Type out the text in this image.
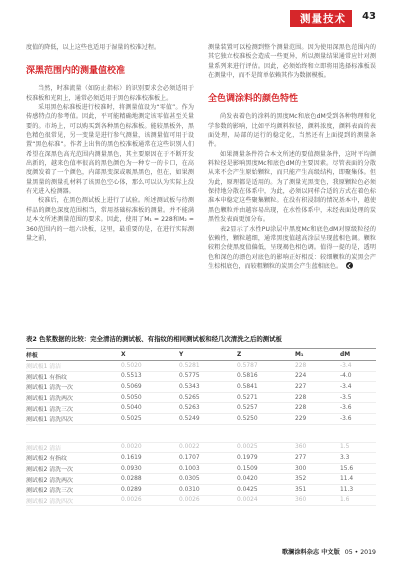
测量技术 43

度值的降低，以上这些也适用于湿量的校准过程。

深黑范围内的测量值校准

当然，时准流量（如防止指标）的识别要求会必须适用于校准板和光阴上，通常必须适用于黑色标准校准板上。

采用黑色标准板进行校准时，将测量值设为“零值”。作为传感特点的参考值。因此，平可能精确地测定该零值甚至关量要的。市场上，可以购买到各种黑色标准板。能较黑板外，黑色精色很常见，另一变量是进行参气测量，该测量值可用于设置“黑色标准”。作者上出售的黑色校准板通常在这些识别人们希望在深黑色高光范围内测量黑色，其主要原因在于不断开发出新的，越来色值率很高的黑色颜色为一种专一的卡口，在高度颜发着了一个颜色，内部黑变深或吸黑黑色，但在，如果测量黑量的测量孔材料了该黑色空心体，那么可以认为实际上没有光进入检测器。

校准后，在黑色测试板上进行了试验。所述测试板与待测样品的颜色深度范围相当，常用基础标准板的测量。并不能满足本文所述测量范围的要求。因此，使用了M₁ = 228和M₂ = 360范围内的一组六块板，这里，最重要的是，在进行实际测量之前，

测量装置可以检测到整个测量范围。因为使用深黑色范围内的其它独立校准板会造成一些更异，所以测量结果通常应针对测量系列来进行评估。因此，必须始终和立即将用选择标准板误在测量中，而不是简单依赖其作为数据模板。

全色调涂料的颜色特性

尚发表着色的涂料的黑度Mc和底色dM受到各种物理和化学参数的影响，比如平均颜料粒径，颜料浓度，颜料表面的表面处理，局部的运行的稳定化，当然还有上面提到的测量条件。

如果测量条件符合本文所述的要值测量条件，这时平均颜料粒径是影响黑度Mc和底色dM的主要因素。尽管表面的分散从来不会产生原始颗粒，而只能产生高级结构，即聚集体。但为此，原理都是适用的。为了测量光黑变色，我原颗粒色必须保持地分散在体系中，为此，必须以同样合适的方式在着色标准本申稳定这些聚集颗粒。在没有积浸制的情况基本中，越使黑色颗粒并由越容易出现，在水性体系中，未经表面处理的炭黑性发表面更加分布。

表2显示了水性PU涂层中黑度Mc和底色dM对原级粒径的依赖性，颗粒越细，通常黑度值越高涂层呈现蓝相色调。颗粒较粗会使黑度值偏低，呈现褐色相色调。值得一提的是，透明色和深色的漂色对底色的影响正好相反：较细颗粒的炭黑会产生棕相底色，而较粗颗粒的炭黑会产生蓝相底色。

表2 色浆数据的比较：完全清洁的测试板、有指纹的相同测试板和经几次清洗之后的测试板
样板	X	Y	Z	M₁	dM
测试板1 清洁	0.5020	0.5281	0.5787	228	-3.4
测试板1 有指纹	0.5513	0.5775	0.5816	224	-4.0
测试板1 清洗一次	0.5069	0.5343	0.5841	227	-3.4
测试板1 清洗两次	0.5050	0.5265	0.5271	228	-3.5
测试板1 清洗三次	0.5040	0.5263	0.5257	228	-3.6
测试板1 清洗四次	0.5025	0.5249	0.5250	229	-3.6

测试板2 清洁	0.0020	0.0022	0.0025	360	1.5
测试板2 有指纹	0.1619	0.1707	0.1979	277	3.3
测试板2 清洗一次	0.0930	0.1003	0.1509	300	15.6
测试板2 清洗两次	0.0288	0.0305	0.0420	352	11.4
测试板2 清洗三次	0.0289	0.0310	0.0425	351	11.3
测试板2 清洗四次	0.0026	0.0026	0.0024	360	1.6
歌澜涂料杂志 中文版 05 • 2019
